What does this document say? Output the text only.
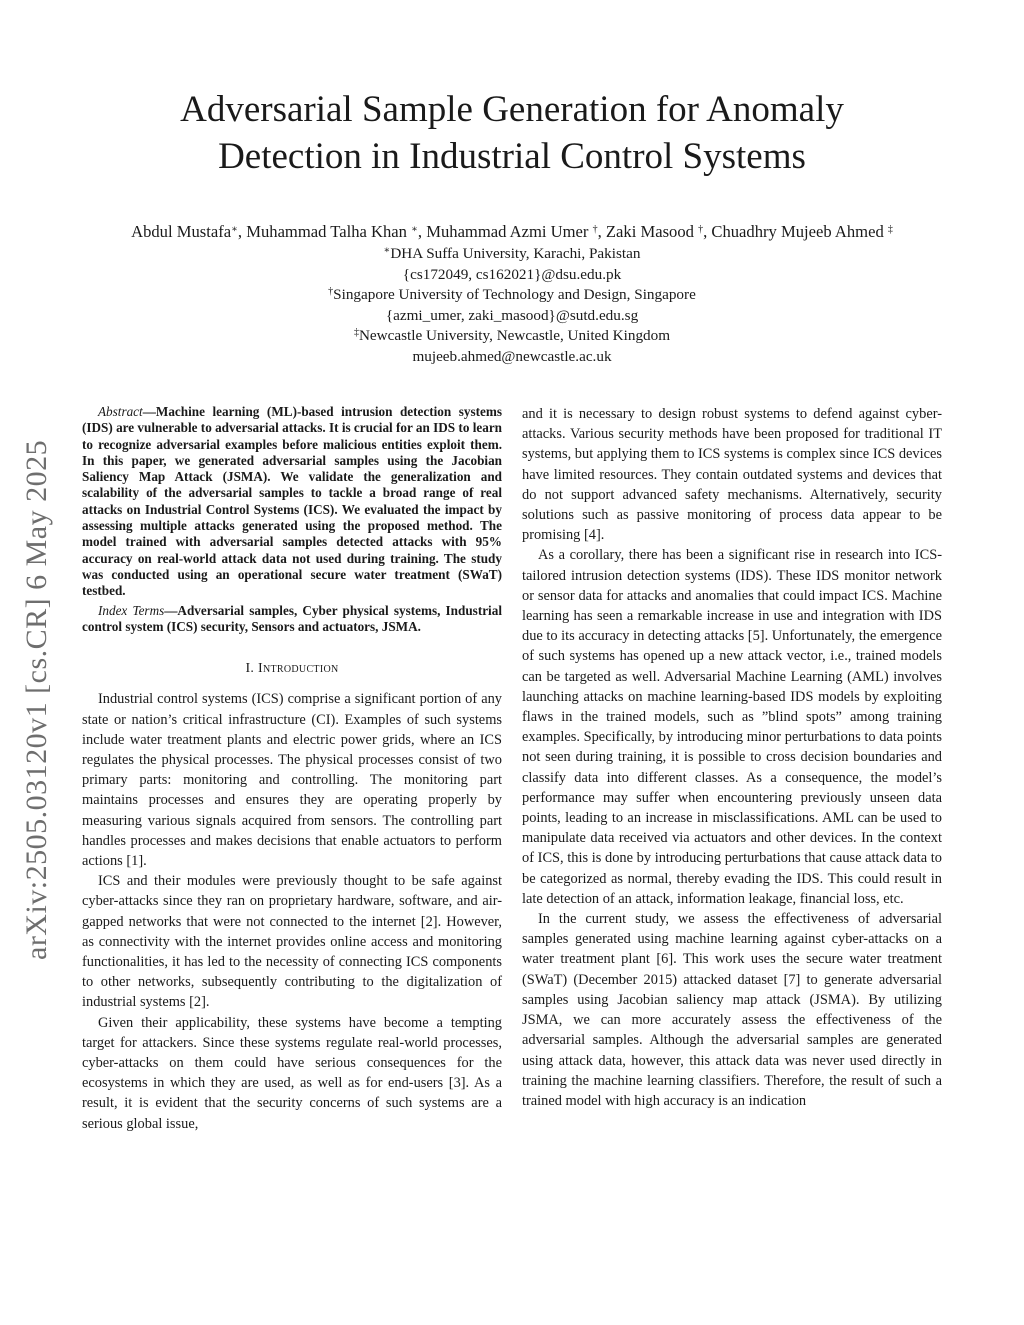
arXiv:2505.03120v1 [cs.CR] 6 May 2025
Adversarial Sample Generation for Anomaly
Detection in Industrial Control Systems
Abdul Mustafa∗, Muhammad Talha Khan ∗, Muhammad Azmi Umer †, Zaki Masood †, Chuadhry Mujeeb Ahmed ‡
∗DHA Suffa University, Karachi, Pakistan
{cs172049, cs162021}@dsu.edu.pk
†Singapore University of Technology and Design, Singapore
{azmi_umer, zaki_masood}@sutd.edu.sg
‡Newcastle University, Newcastle, United Kingdom
mujeeb.ahmed@newcastle.ac.uk

Abstract—Machine learning (ML)-based intrusion detection systems (IDS) are vulnerable to adversarial attacks. It is crucial for an IDS to learn to recognize adversarial examples before malicious entities exploit them. In this paper, we generated adversarial samples using the Jacobian Saliency Map Attack (JSMA). We validate the generalization and scalability of the adversarial samples to tackle a broad range of real attacks on Industrial Control Systems (ICS). We evaluated the impact by assessing multiple attacks generated using the proposed method. The model trained with adversarial samples detected attacks with 95% accuracy on real-world attack data not used during training. The study was conducted using an operational secure water treatment (SWaT) testbed.

Index Terms—Adversarial samples, Cyber physical systems, Industrial control system (ICS) security, Sensors and actuators, JSMA.

I. Introduction

Industrial control systems (ICS) comprise a significant portion of any state or nation’s critical infrastructure (CI). Examples of such systems include water treatment plants and electric power grids, where an ICS regulates the physical processes. The physical processes consist of two primary parts: monitoring and controlling. The monitoring part maintains processes and ensures they are operating properly by measuring various signals acquired from sensors. The controlling part handles processes and makes decisions that enable actuators to perform actions [1].

ICS and their modules were previously thought to be safe against cyber-attacks since they ran on proprietary hardware, software, and air-gapped networks that were not connected to the internet [2]. However, as connectivity with the internet provides online access and monitoring functionalities, it has led to the necessity of connecting ICS components to other networks, subsequently contributing to the digitalization of industrial systems [2].

Given their applicability, these systems have become a tempting target for attackers. Since these systems regulate real-world processes, cyber-attacks on them could have serious consequences for the ecosystems in which they are used, as well as for end-users [3]. As a result, it is evident that the security concerns of such systems are a serious global issue,

and it is necessary to design robust systems to defend against cyber-attacks. Various security methods have been proposed for traditional IT systems, but applying them to ICS systems is complex since ICS devices have limited resources. They contain outdated systems and devices that do not support advanced safety mechanisms. Alternatively, security solutions such as passive monitoring of process data appear to be promising [4].

As a corollary, there has been a significant rise in research into ICS-tailored intrusion detection systems (IDS). These IDS monitor network or sensor data for attacks and anomalies that could impact ICS. Machine learning has seen a remarkable increase in use and integration with IDS due to its accuracy in detecting attacks [5]. Unfortunately, the emergence of such systems has opened up a new attack vector, i.e., trained models can be targeted as well. Adversarial Machine Learning (AML) involves launching attacks on machine learning-based IDS models by exploiting flaws in the trained models, such as ”blind spots” among training examples. Specifically, by introducing minor perturbations to data points not seen during training, it is possible to cross decision boundaries and classify data into different classes. As a consequence, the model’s performance may suffer when encountering previously unseen data points, leading to an increase in misclassifications. AML can be used to manipulate data received via actuators and other devices. In the context of ICS, this is done by introducing perturbations that cause attack data to be categorized as normal, thereby evading the IDS. This could result in late detection of an attack, information leakage, financial loss, etc.

In the current study, we assess the effectiveness of adversarial samples generated using machine learning against cyber-attacks on a water treatment plant [6]. This work uses the secure water treatment (SWaT) (December 2015) attacked dataset [7] to generate adversarial samples using Jacobian saliency map attack (JSMA). By utilizing JSMA, we can more accurately assess the effectiveness of the adversarial samples. Although the adversarial samples are generated using attack data, however, this attack data was never used directly in training the machine learning classifiers. Therefore, the result of such a trained model with high accuracy is an indication
